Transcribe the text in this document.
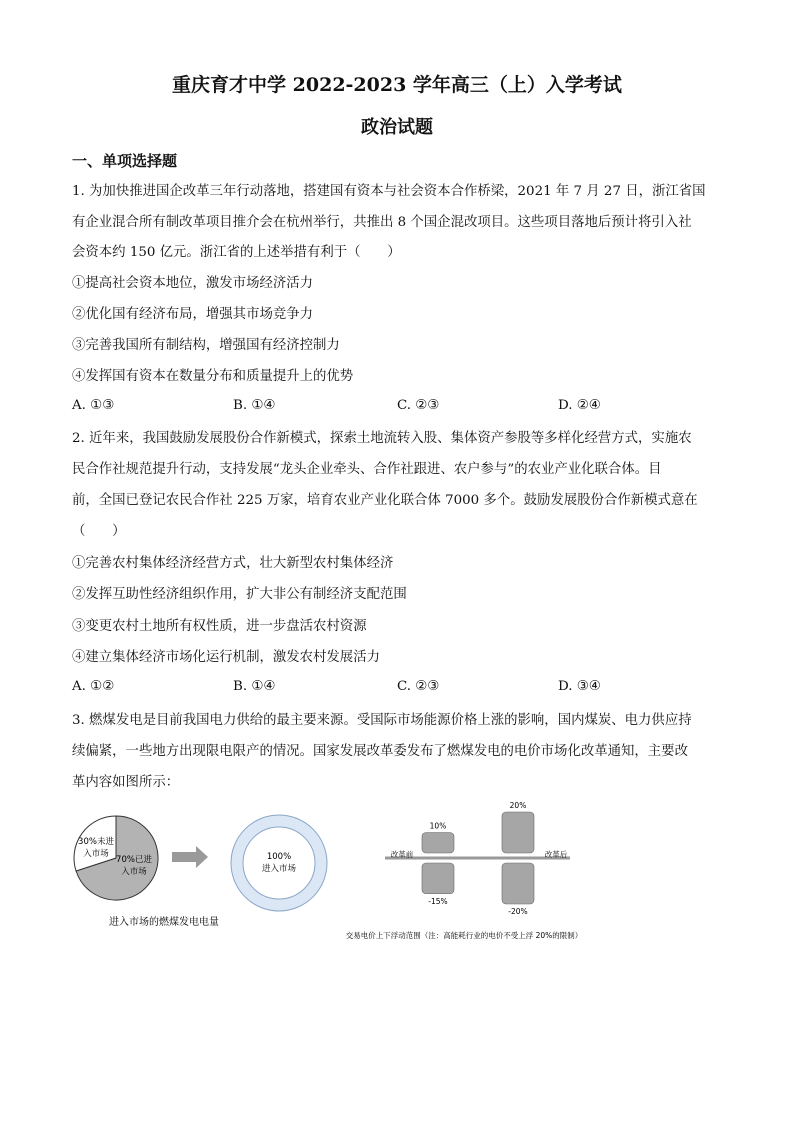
重庆育才中学 2022-2023 学年高三（上）入学考试
政治试题
一、单项选择题
1. 为加快推进国企改革三年行动落地，搭建国有资本与社会资本合作桥梁，2021 年 7 月 27 日，浙江省国
有企业混合所有制改革项目推介会在杭州举行，共推出 8 个国企混改项目。这些项目落地后预计将引入社
会资本约 150 亿元。浙江省的上述举措有利于（　　）
①提高社会资本地位，激发市场经济活力
②优化国有经济布局，增强其市场竞争力
③完善我国所有制结构，增强国有经济控制力
④发挥国有资本在数量分布和质量提升上的优势
A. ①③	B. ①④	C. ②③	D. ②④
2. 近年来，我国鼓励发展股份合作新模式，探索土地流转入股、集体资产参股等多样化经营方式，实施农
民合作社规范提升行动，支持发展“龙头企业牵头、合作社跟进、农户参与”的农业产业化联合体。目
前，全国已登记农民合作社 225 万家，培育农业产业化联合体 7000 多个。鼓励发展股份合作新模式意在
（　　）
①完善农村集体经济经营方式，壮大新型农村集体经济
②发挥互助性经济组织作用，扩大非公有制经济支配范围
③变更农村土地所有权性质，进一步盘活农村资源
④建立集体经济市场化运行机制，激发农村发展活力
A. ①②	B. ①④	C. ②③	D. ③④
3. 燃煤发电是目前我国电力供给的最主要来源。受国际市场能源价格上涨的影响，国内煤炭、电力供应持
续偏紧，一些地方出现限电限产的情况。国家发展改革委发布了燃煤发电的电价市场化改革通知，主要改
革内容如图所示：
70%已进
入市场
30%未进
入市场	100%
进入市场
进入市场的燃煤发电电量
改革前	改革后
10%
-15%
20%
-20%
交易电价上下浮动范围（注：高能耗行业的电价不受上浮 20%的限制）
